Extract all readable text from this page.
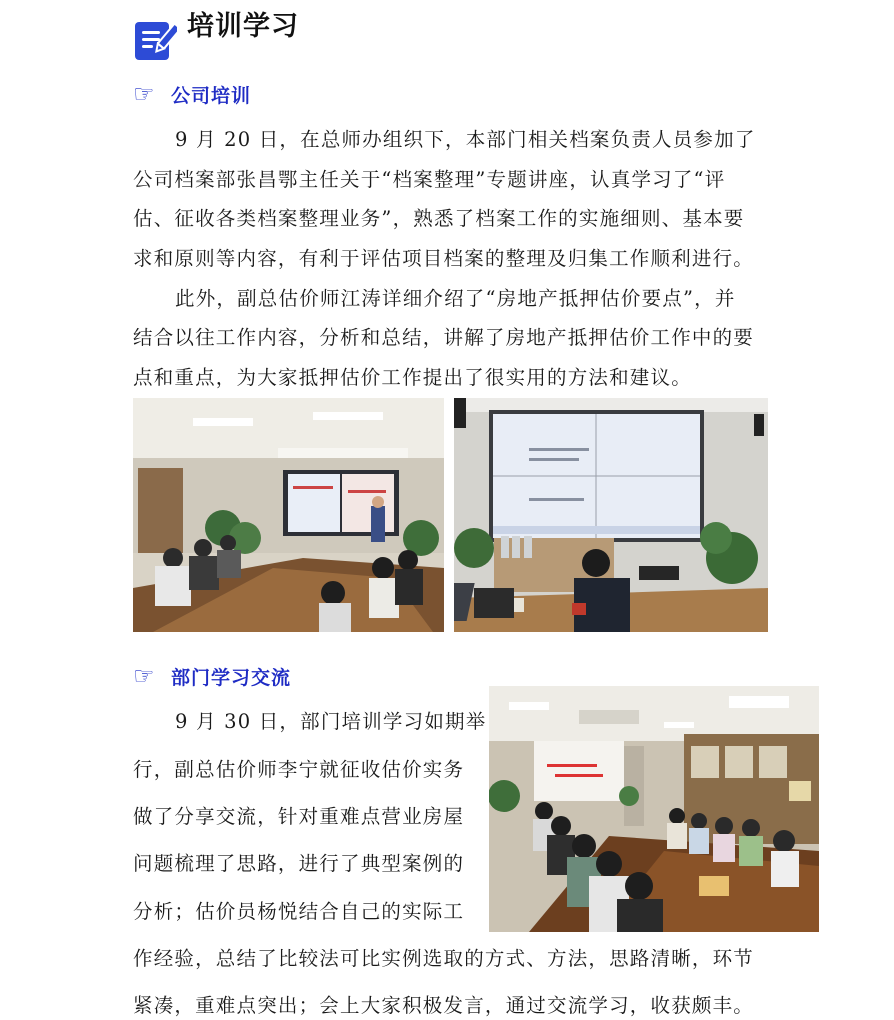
培训学习
☞ 公司培训
9 月 20 日，在总师办组织下，本部门相关档案负责人员参加了
公司档案部张昌鄂主任关于“档案整理”专题讲座，认真学习了“评
估、征收各类档案整理业务”，熟悉了档案工作的实施细则、基本要
求和原则等内容，有利于评估项目档案的整理及归集工作顺利进行。
此外，副总估价师江涛详细介绍了“房地产抵押估价要点”，并
结合以往工作内容，分析和总结，讲解了房地产抵押估价工作中的要
点和重点，为大家抵押估价工作提出了很实用的方法和建议。
☞ 部门学习交流
9 月 30 日，部门培训学习如期举
行，副总估价师李宁就征收估价实务
做了分享交流，针对重难点营业房屋
问题梳理了思路，进行了典型案例的
分析；估价员杨悦结合自己的实际工
作经验，总结了比较法可比实例选取的方式、方法，思路清晰，环节
紧凑，重难点突出；会上大家积极发言，通过交流学习，收获颇丰。
